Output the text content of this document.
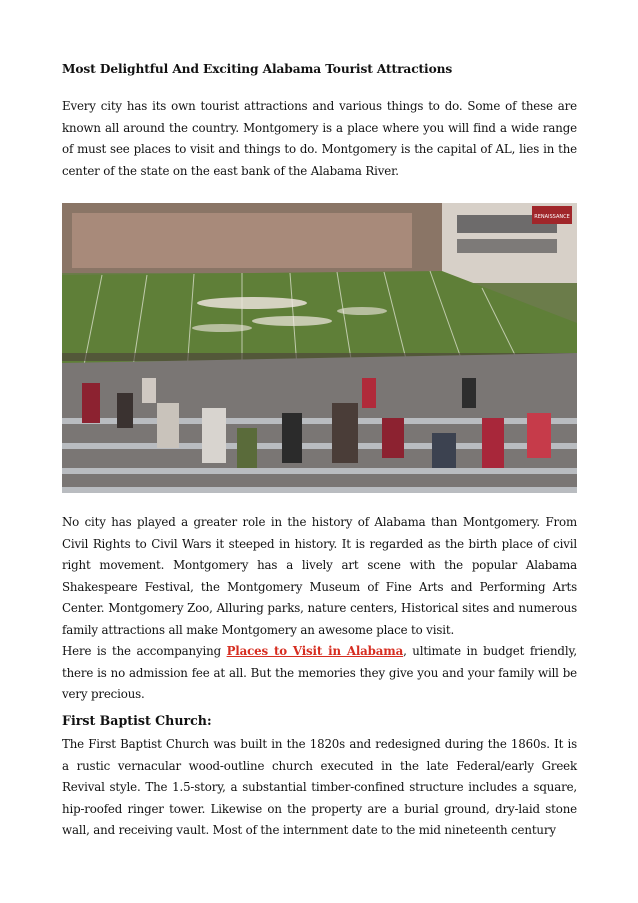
Most Delightful And Exciting Alabama Tourist Attractions
Every city has its own tourist attractions and various things to do. Some of these are known all around the country. Montgomery is a place where you will find a wide range of must see places to visit and things to do. Montgomery is the capital of AL, lies in the center of the state on the east bank of the Alabama River.
RENAISSANCE
No city has played a greater role in the history of Alabama than Montgomery. From Civil Rights to Civil Wars it steeped in history. It is regarded as the birth place of civil right movement. Montgomery has a lively art scene with the popular Alabama Shakespeare Festival, the Montgomery Museum of Fine Arts and Performing Arts Center. Montgomery Zoo, Alluring parks, nature centers, Historical sites and numerous family attractions all make Montgomery an awesome place to visit.
Here is the accompanying Places to Visit in Alabama, ultimate in budget friendly, there is no admission fee at all. But the memories they give you and your family will be very precious.
First Baptist Church:
The First Baptist Church was built in the 1820s and redesigned during the 1860s. It is a rustic vernacular wood-outline church executed in the late Federal/early Greek Revival style. The 1.5-story, a substantial timber-confined structure includes a square, hip-roofed ringer tower. Likewise on the property are a burial ground, dry-laid stone wall, and receiving vault. Most of the internment date to the mid nineteenth century
